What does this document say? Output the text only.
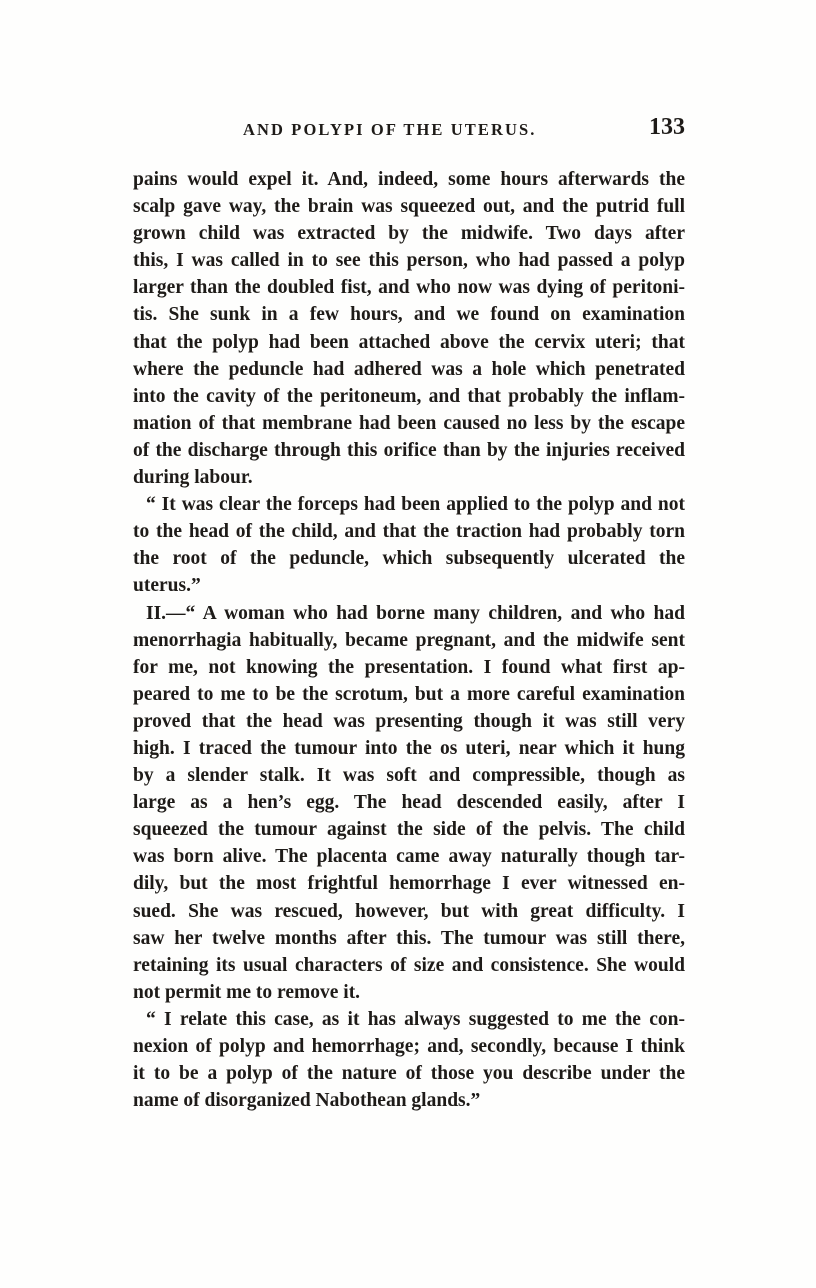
AND POLYPI OF THE UTERUS.	133
pains would expel it. And, indeed, some hours afterwards the
scalp gave way, the brain was squeezed out, and the putrid full
grown child was extracted by the midwife. Two days after
this, I was called in to see this person, who had passed a polyp
larger than the doubled fist, and who now was dying of peritoni-
tis. She sunk in a few hours, and we found on examination
that the polyp had been attached above the cervix uteri; that
where the peduncle had adhered was a hole which penetrated
into the cavity of the peritoneum, and that probably the inflam-
mation of that membrane had been caused no less by the escape
of the discharge through this orifice than by the injuries received
during labour.
“ It was clear the forceps had been applied to the polyp and not
to the head of the child, and that the traction had probably torn
the root of the peduncle, which subsequently ulcerated the
uterus.”
II.—“ A woman who had borne many children, and who had
menorrhagia habitually, became pregnant, and the midwife sent
for me, not knowing the presentation. I found what first ap-
peared to me to be the scrotum, but a more careful examination
proved that the head was presenting though it was still very
high. I traced the tumour into the os uteri, near which it hung
by a slender stalk. It was soft and compressible, though as
large as a hen’s egg. The head descended easily, after I
squeezed the tumour against the side of the pelvis. The child
was born alive. The placenta came away naturally though tar-
dily, but the most frightful hemorrhage I ever witnessed en-
sued. She was rescued, however, but with great difficulty. I
saw her twelve months after this. The tumour was still there,
retaining its usual characters of size and consistence. She would
not permit me to remove it.
“ I relate this case, as it has always suggested to me the con-
nexion of polyp and hemorrhage; and, secondly, because I think
it to be a polyp of the nature of those you describe under the
name of disorganized Nabothean glands.”
